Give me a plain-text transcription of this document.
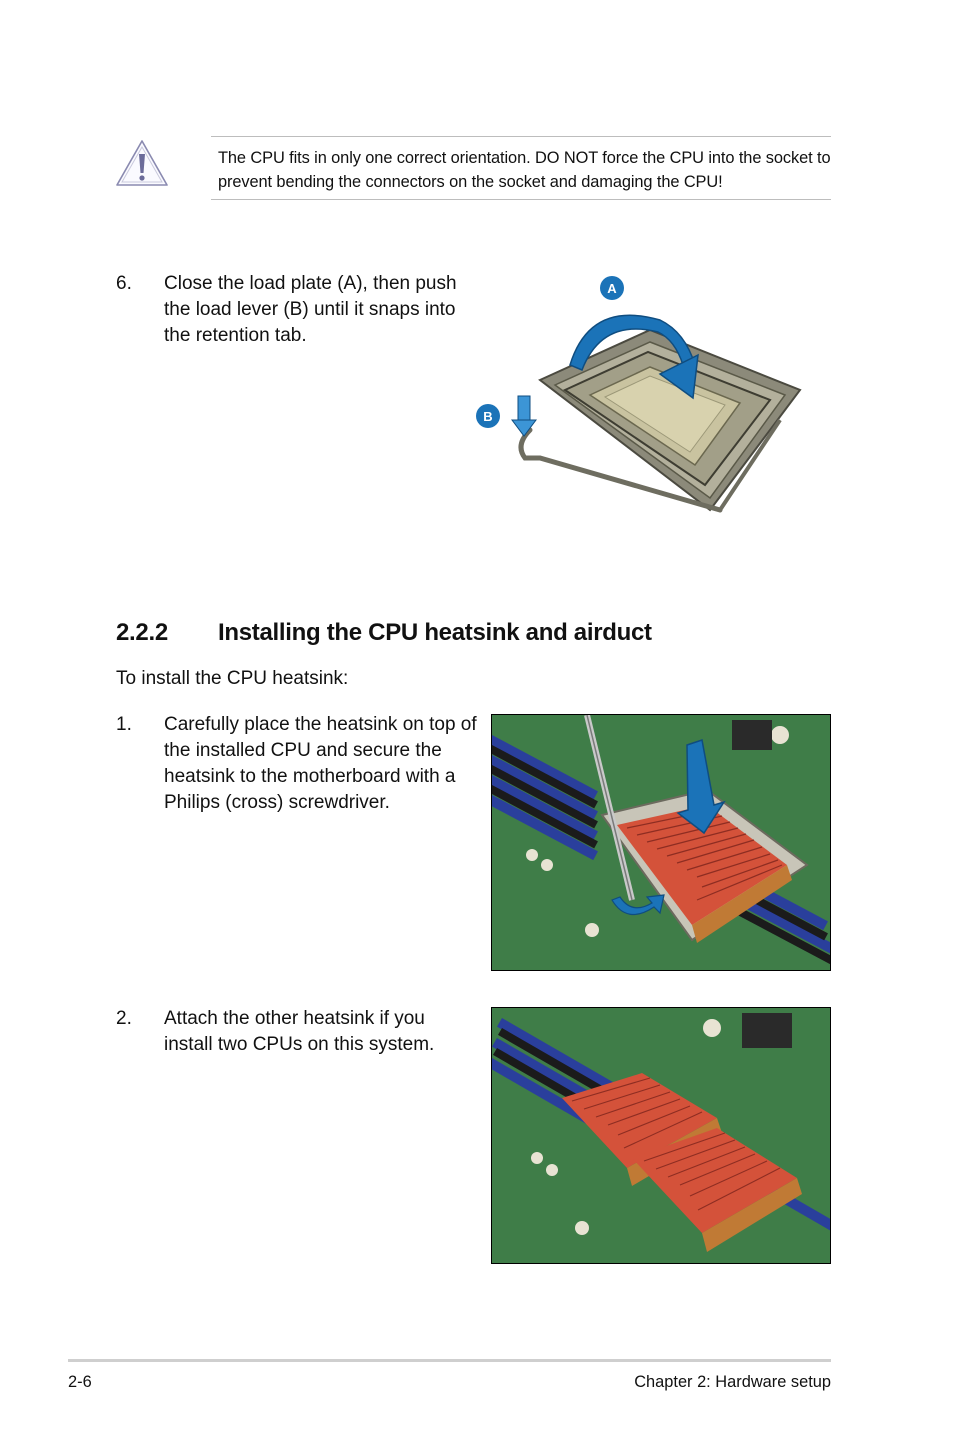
The CPU fits in only one correct orientation. DO NOT force the CPU into the socket to prevent bending the connectors on the socket and damaging the CPU!
6. Close the load plate (A), then push the load lever (B) until it snaps into the retention tab.
A
B
2.2.2 Installing the CPU heatsink and airduct
To install the CPU heatsink:
1. Carefully place the heatsink on top of the installed CPU and secure the heatsink to the motherboard with a Philips (cross) screwdriver.
2. Attach the other heatsink if you install two CPUs on this system.
2-6	Chapter 2: Hardware setup
